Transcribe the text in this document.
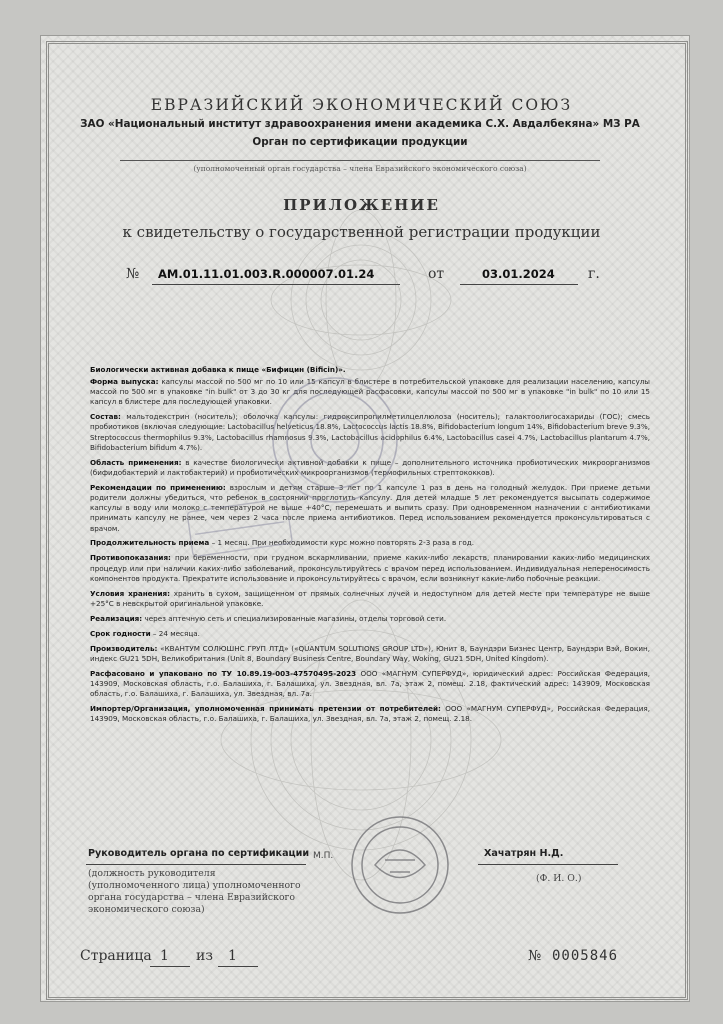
ЕВРАЗИЙСКИЙ ЭКОНОМИЧЕСКИЙ СОЮЗ
ЗАО «Национальный институт здравоохранения имени академика С.Х. Авдалбекяна» МЗ РА
Орган по сертификации продукции
(уполномоченный орган государства – члена Евразийского экономического союза)
ПРИЛОЖЕНИЕ
к свидетельству о государственной регистрации продукции
№ AM.01.11.01.003.R.000007.01.24	от	03.01.2024 г.

Биологически активная добавка к пище «Бифицин (Bificin)».

Форма выпуска: капсулы массой по 500 мг по 10 или 15 капсул в блистере в потребительской упаковке для реализации населению, капсулы массой по 500 мг в упаковке "in bulk" от 3 до 30 кг для последующей расфасовки, капсулы массой по 500 мг в упаковке "in bulk" по 10 или 15 капсул в блистере для последующей упаковки.

Состав: мальтодекстрин (носитель); оболочка капсулы: гидроксипропилметилцеллюлоза (носитель); галактоолигосахариды (ГОС); смесь пробиотиков (включая следующие: Lactobacillus helveticus 18.8%, Lactococcus lactis 18.8%, Bifidobacterium longum 14%, Bifidobacterium breve 9.3%, Streptococcus thermophilus 9.3%, Lactobacillus rhamnosus 9.3%, Lactobacillus acidophilus 6.4%, Lactobacillus casei 4.7%, Lactobacillus plantarum 4.7%, Bifidobacterium bifidum 4.7%).

Область применения: в качестве биологически активной добавки к пище – дополнительного источника пробиотических микроорганизмов (бифидобактерий и лактобактерий) и пробиотических микроорганизмов (термофильных стрептококков).

Рекомендации по применению: взрослым и детям старше 3 лет по 1 капсуле 1 раз в день на голодный желудок. При приеме детьми родители должны убедиться, что ребенок в состоянии проглотить капсулу. Для детей младше 5 лет рекомендуется высыпать содержимое капсулы в воду или молоко с температурой не выше +40°С, перемешать и выпить сразу. При одновременном назначении с антибиотиками принимать капсулу не ранее, чем через 2 часа после приема антибиотиков. Перед использованием рекомендуется проконсультироваться с врачом.

Продолжительность приема – 1 месяц. При необходимости курс можно повторять 2-3 раза в год.

Противопоказания: при беременности, при грудном вскармливании, приеме каких-либо лекарств, планировании каких-либо медицинских процедур или при наличии каких-либо заболеваний, проконсультируйтесь с врачом перед использованием. Индивидуальная непереносимость компонентов продукта. Прекратите использование и проконсультируйтесь с врачом, если возникнут какие-либо побочные реакции.

Условия хранения: хранить в сухом, защищенном от прямых солнечных лучей и недоступном для детей месте при температуре не выше +25°С в невскрытой оригинальной упаковке.

Реализация: через аптечную сеть и специализированные магазины, отделы торговой сети.

Срок годности – 24 месяца.

Производитель: «КВАНТУМ СОЛЮШНС ГРУП ЛТД» («QUANTUM SOLUTIONS GROUP LTD»), Юнит 8, Баундэри Бизнес Центр, Баундэри Вэй, Вокин, индекс GU21 5DH, Великобритания (Unit 8, Boundary Business Centre, Boundary Way, Woking, GU21 5DH, United Kingdom).

Расфасовано и упаковано по ТУ 10.89.19-003-47570495-2023 ООО «МАГНУМ СУПЕРФУД», юридический адрес: Российская Федерация, 143909, Московская область, г.о. Балашиха, г. Балашиха, ул. Звездная, вл. 7а, этаж 2, помещ. 2.18, фактический адрес: 143909, Московская область, г.о. Балашиха, г. Балашиха, ул. Звездная, вл. 7а.

Импортер/Организация, уполномоченная принимать претензии от потребителей: ООО «МАГНУМ СУПЕРФУД», Российская Федерация, 143909, Московская область, г.о. Балашиха, г. Балашиха, ул. Звездная, вл. 7а, этаж 2, помещ. 2.18.

Руководитель органа по сертификации М.П.	Хачатрян Н.Д.
(должность руководителя
(уполномоченного лица) уполномоченного
органа государства – члена Евразийского
экономического союза)
(Ф. И. О.)
Страница 1 из 1	№ 0005846
